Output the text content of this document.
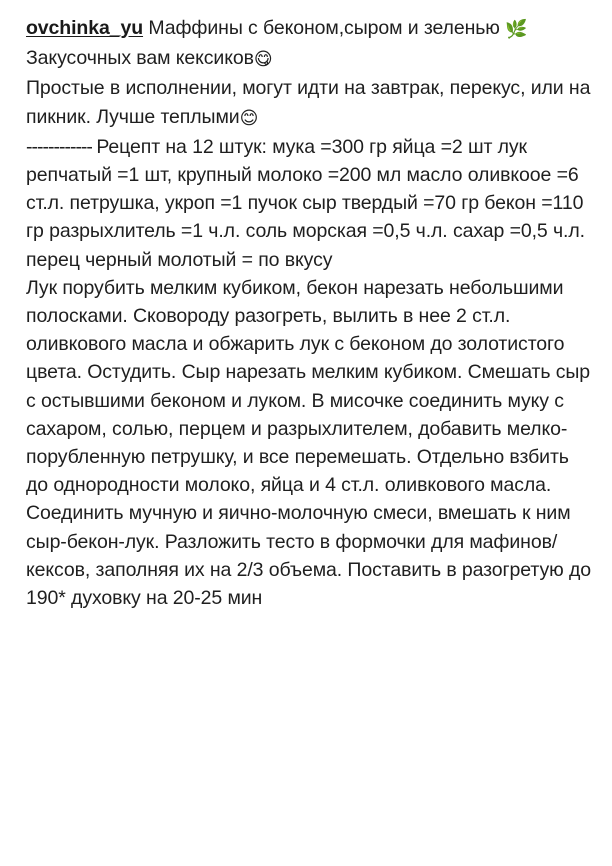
ovchinka_yu Маффины с беконом,сыром и зеленью 🌿
Закусочных вам кексиков😋
Простые в исполнении, могут идти на завтрак, перекус, или на пикник. Лучше теплыми😊
------------ Рецепт на 12 штук: мука =300 гр яйца =2 шт лук репчатый =1 шт, крупный молоко =200 мл масло оливкоое =6 ст.л. петрушка, укроп =1 пучок сыр твердый =70 гр бекон =110 гр разрыхлитель =1 ч.л. соль морская =0,5 ч.л. сахар =0,5 ч.л. перец черный молотый = по вкусу
Лук порубить мелким кубиком, бекон нарезать небольшими полосками. Сковороду разогреть, вылить в нее 2 ст.л. оливкового масла и обжарить лук с беконом до золотистого цвета. Остудить. Сыр нарезать мелким кубиком. Смешать сыр с остывшими беконом и луком. В мисочке соединить муку с сахаром, солью, перцем и разрыхлителем, добавить мелко-порубленную петрушку, и все перемешать. Отдельно взбить до однородности молоко, яйца и 4 ст.л. оливкового масла. Соединить мучную и яично-молочную смеси, вмешать к ним сыр-бекон-лук. Разложить тесто в формочки для мафинов/кексов, заполняя их на 2/3 объема. Поставить в разогретую до 190* духовку на 20-25 мин
